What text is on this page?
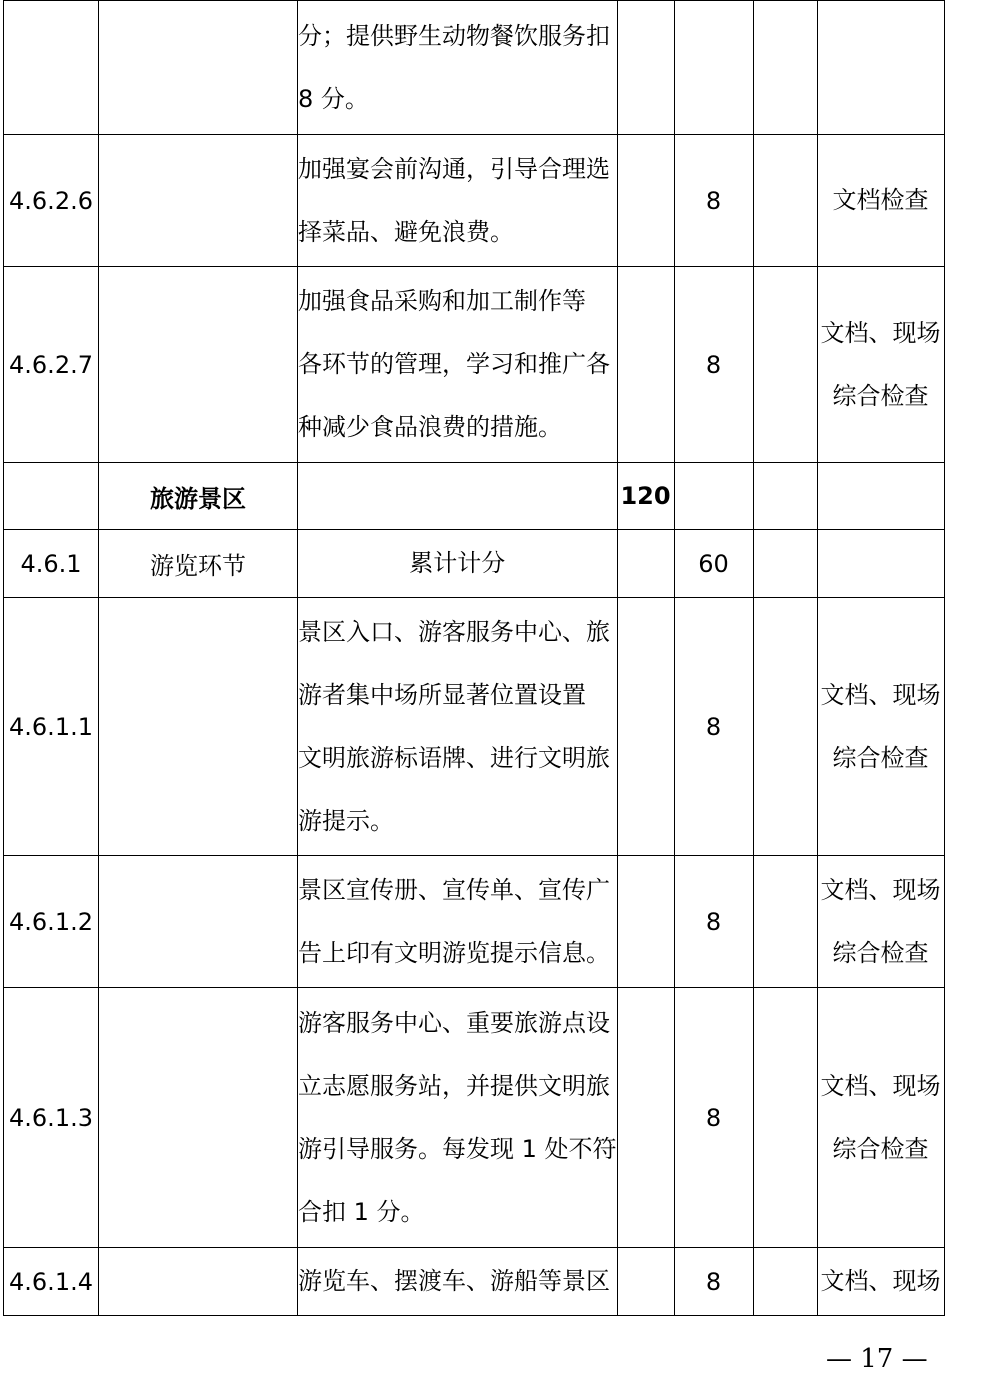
		分；提供野生动物餐饮服务扣
8 分。				

4.6.2.6		加强宴会前沟通，引导合理选
择菜品、避免浪费。		8		文档检查

4.6.2.7		加强食品采购和加工制作等
各环节的管理，学习和推广各
种减少食品浪费的措施。		8		文档、现场
综合检查

	旅游景区		120			
4.6.1	游览环节	累计计分		60		
4.6.1.1		景区入口、游客服务中心、旅
游者集中场所显著位置设置
文明旅游标语牌、进行文明旅
游提示。		8		文档、现场
综合检查

4.6.1.2		景区宣传册、宣传单、宣传广
告上印有文明游览提示信息。		8		文档、现场
综合检查

4.6.1.3		游客服务中心、重要旅游点设
立志愿服务站，并提供文明旅
游引导服务。每发现 1 处不符
合扣 1 分。		8		文档、现场
综合检查

4.6.1.4		游览车、摆渡车、游船等景区		8		文档、现场
— 17 —
